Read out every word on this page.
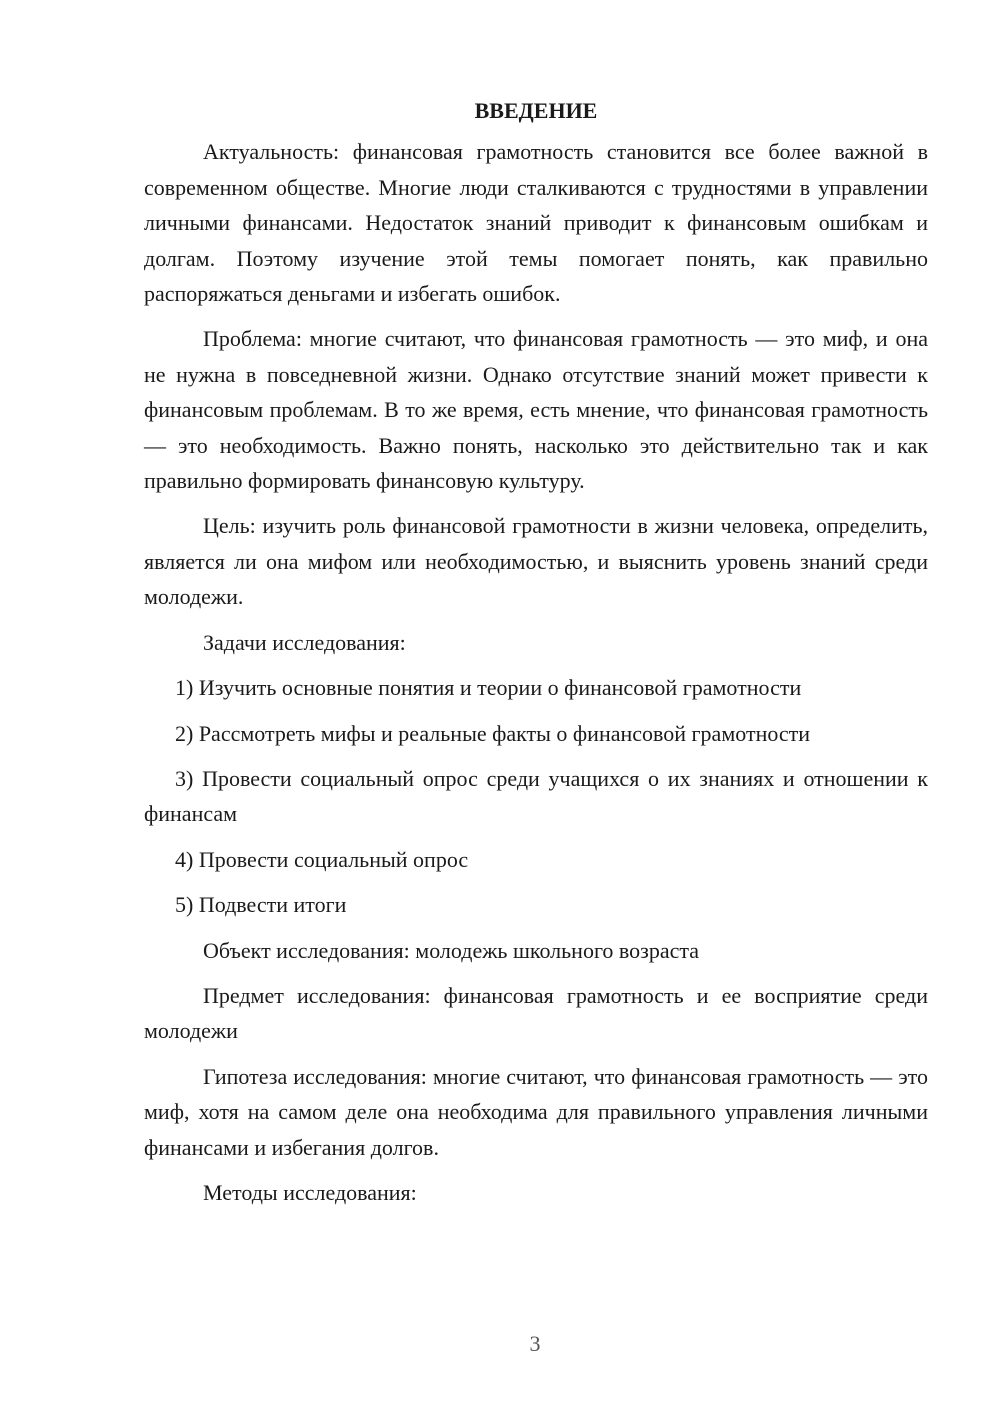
ВВЕДЕНИЕ

Актуальность: финансовая грамотность становится все более важной в современном обществе. Многие люди сталкиваются с трудностями в управлении личными финансами. Недостаток знаний приводит к финансовым ошибкам и долгам. Поэтому изучение этой темы помогает понять, как правильно распоряжаться деньгами и избегать ошибок.

Проблема: многие считают, что финансовая грамотность — это миф, и она не нужна в повседневной жизни. Однако отсутствие знаний может привести к финансовым проблемам. В то же время, есть мнение, что финансовая грамотность — это необходимость. Важно понять, насколько это действительно так и как правильно формировать финансовую культуру.

Цель: изучить роль финансовой грамотности в жизни человека, определить, является ли она мифом или необходимостью, и выяснить уровень знаний среди молодежи.

Задачи исследования:

1) Изучить основные понятия и теории о финансовой грамотности

2) Рассмотреть мифы и реальные факты о финансовой грамотности

3) Провести социальный опрос среди учащихся о их знаниях и отношении к финансам

4) Провести социальный опрос

5) Подвести итоги

Объект исследования: молодежь школьного возраста

Предмет исследования: финансовая грамотность и ее восприятие среди молодежи

Гипотеза исследования: многие считают, что финансовая грамотность — это миф, хотя на самом деле она необходима для правильного управления личными финансами и избегания долгов.

Методы исследования:

3
